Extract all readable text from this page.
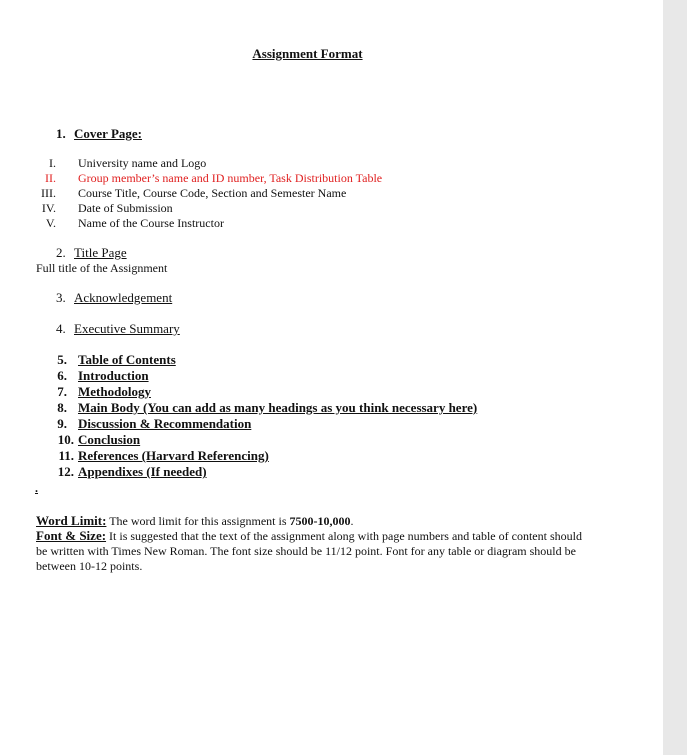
Assignment Format
1. Cover Page:
I. University name and Logo
II. Group member’s name and ID number, Task Distribution Table
III. Course Title, Course Code, Section and Semester Name
IV. Date of Submission
V. Name of the Course Instructor
2. Title Page
Full title of the Assignment
3. Acknowledgement
4. Executive Summary
5. Table of Contents
6. Introduction
7. Methodology
8. Main Body (You can add as many headings as you think necessary here)
9. Discussion & Recommendation
10. Conclusion
11. References (Harvard Referencing)
12. Appendixes (If needed)
.
Word Limit: The word limit for this assignment is 7500-10,000.
Font & Size: It is suggested that the text of the assignment along with page numbers and table of content should be written with Times New Roman. The font size should be 11/12 point. Font for any table or diagram should be between 10-12 points.
